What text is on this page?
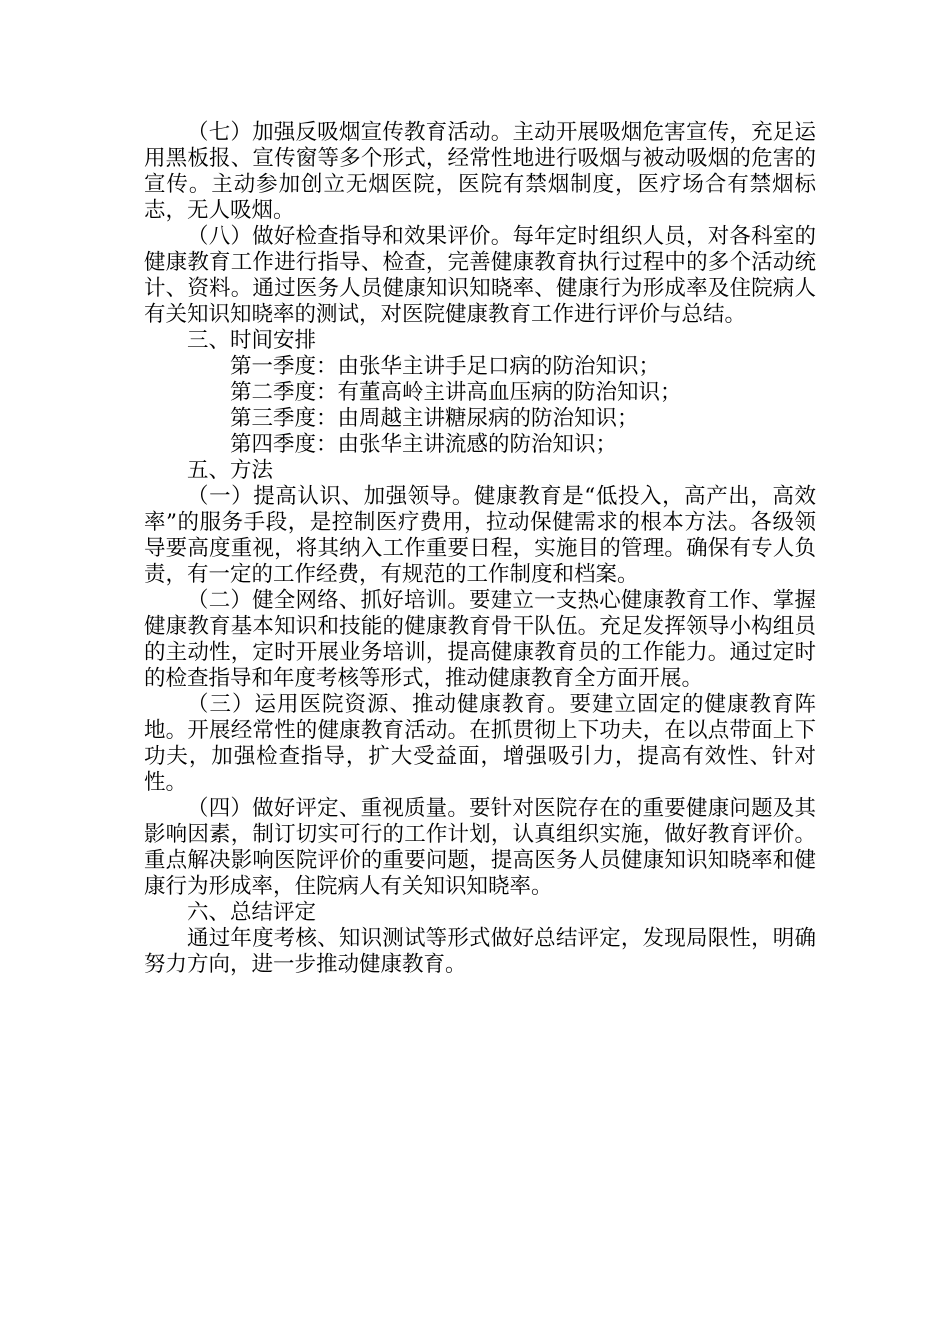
（七）加强反吸烟宣传教育活动。主动开展吸烟危害宣传，充足运用黑板报、宣传窗等多个形式，经常性地进行吸烟与被动吸烟的危害的宣传。主动参加创立无烟医院，医院有禁烟制度，医疗场合有禁烟标志，无人吸烟。

（八）做好检查指导和效果评价。每年定时组织人员，对各科室的健康教育工作进行指导、检查，完善健康教育执行过程中的多个活动统计、资料。通过医务人员健康知识知晓率、健康行为形成率及住院病人有关知识知晓率的测试，对医院健康教育工作进行评价与总结。

三、时间安排

第一季度：由张华主讲手足口病的防治知识；

第二季度：有董高岭主讲高血压病的防治知识；

第三季度：由周越主讲糖尿病的防治知识；

第四季度：由张华主讲流感的防治知识；

五、方法

（一）提高认识、加强领导。健康教育是“低投入，高产出，高效率”的服务手段，是控制医疗费用，拉动保健需求的根本方法。各级领导要高度重视，将其纳入工作重要日程，实施目的管理。确保有专人负责，有一定的工作经费，有规范的工作制度和档案。

（二）健全网络、抓好培训。要建立一支热心健康教育工作、掌握健康教育基本知识和技能的健康教育骨干队伍。充足发挥领导小构组员的主动性，定时开展业务培训，提高健康教育员的工作能力。通过定时的检查指导和年度考核等形式，推动健康教育全方面开展。

（三）运用医院资源、推动健康教育。要建立固定的健康教育阵地。开展经常性的健康教育活动。在抓贯彻上下功夫，在以点带面上下功夫，加强检查指导，扩大受益面，增强吸引力，提高有效性、针对性。

（四）做好评定、重视质量。要针对医院存在的重要健康问题及其影响因素，制订切实可行的工作计划，认真组织实施，做好教育评价。重点解决影响医院评价的重要问题，提高医务人员健康知识知晓率和健康行为形成率，住院病人有关知识知晓率。

六、总结评定

通过年度考核、知识测试等形式做好总结评定，发现局限性，明确努力方向，进一步推动健康教育。
